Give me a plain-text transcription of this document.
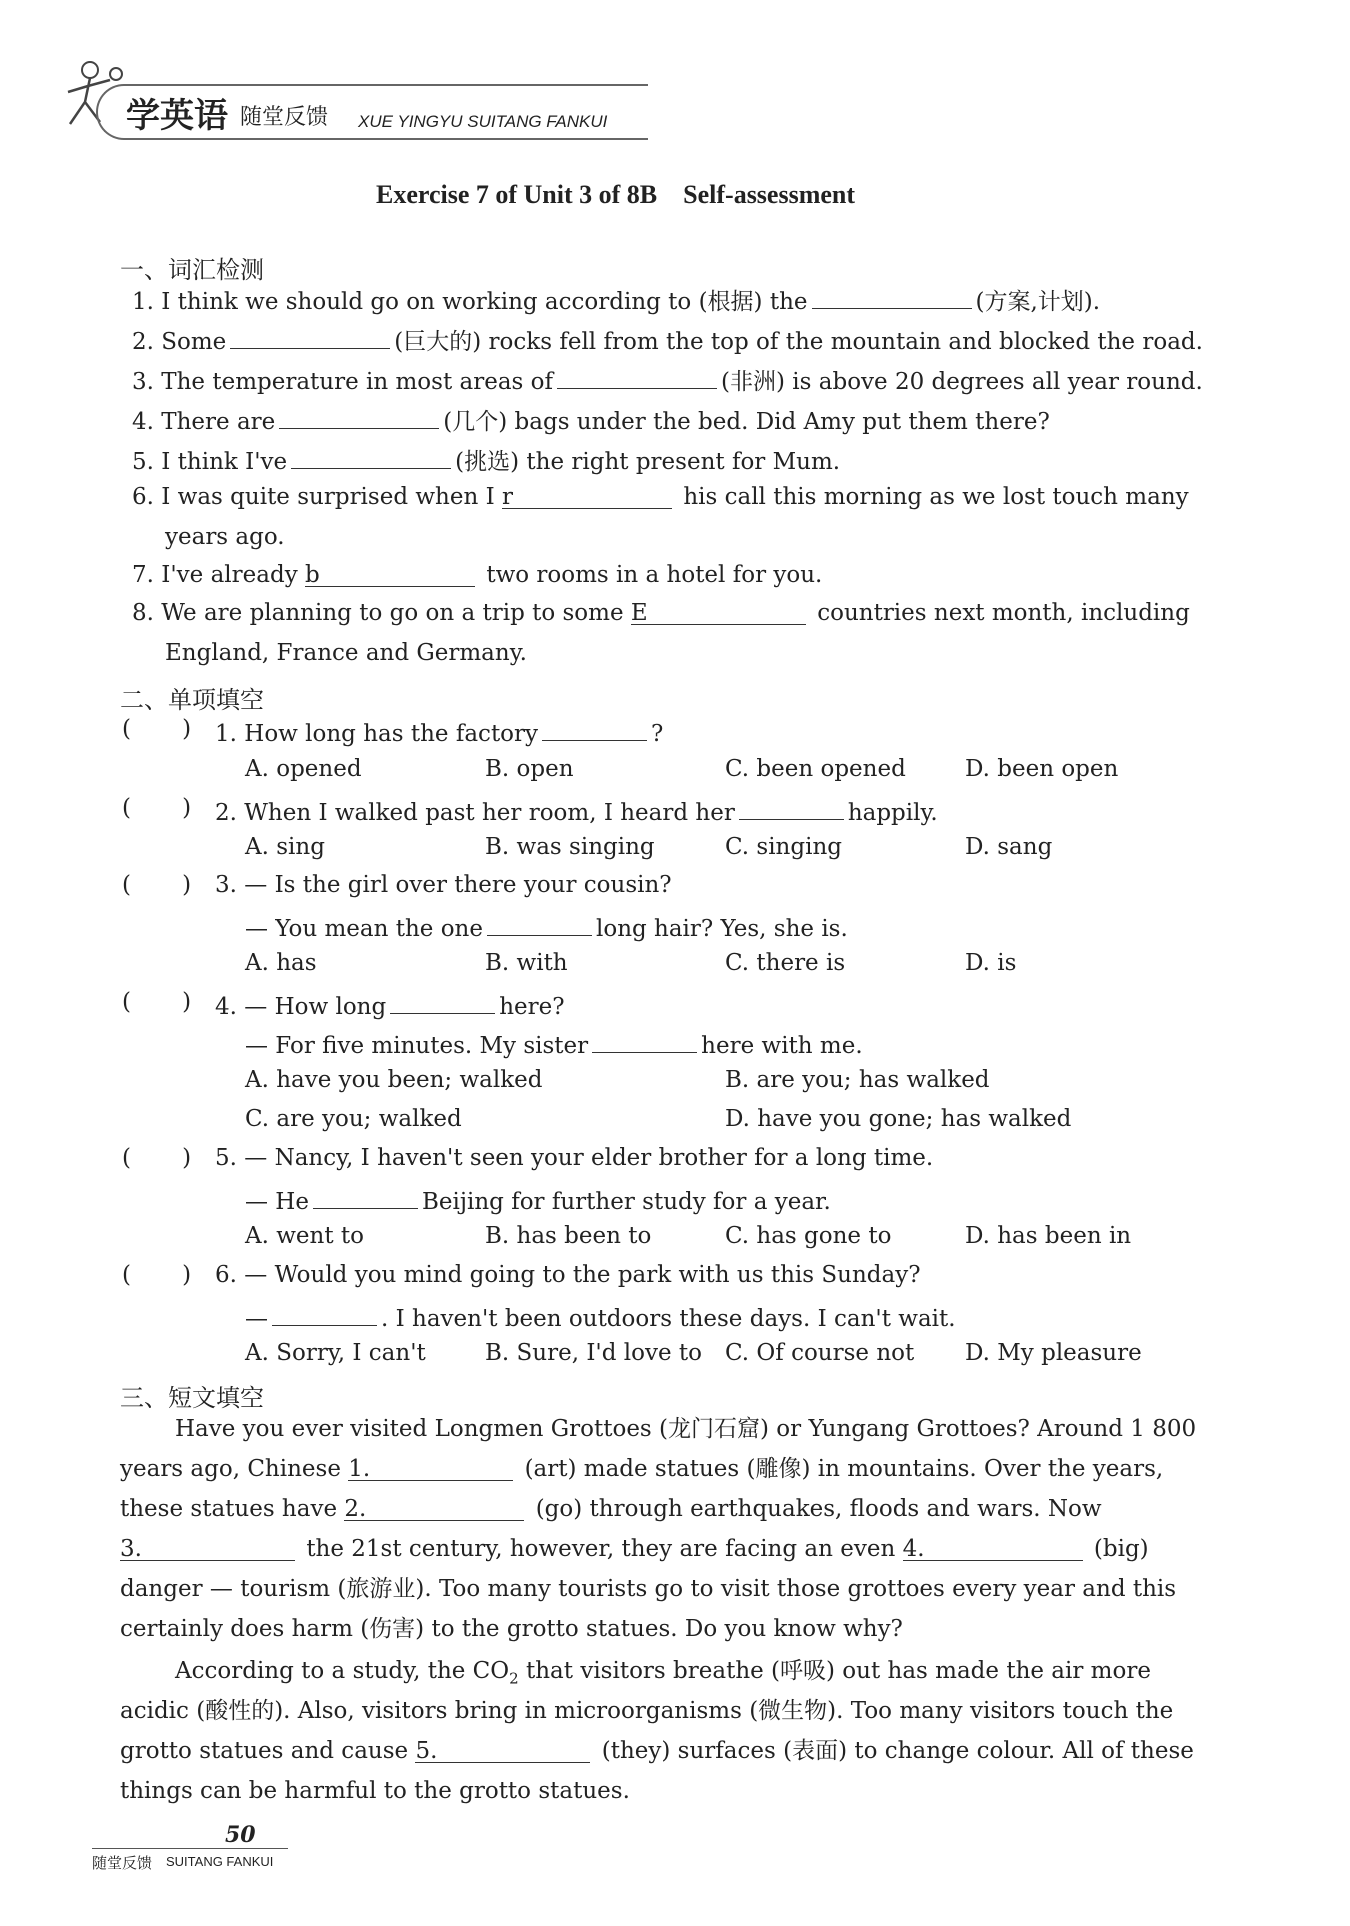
学英语 随堂反馈 XUE YINGYU SUITANG FANKUI
Exercise 7 of Unit 3 of 8B    Self-assessment
一、词汇检测
1. I think we should go on working according to (根据) the	(方案,计划).
2. Some	(巨大的) rocks fell from the top of the mountain and blocked the road.
3. The temperature in most areas of	(非洲) is above 20 degrees all year round.
4. There are	(几个) bags under the bed. Did Amy put them there?
5. I think I've	(挑选) the right present for Mum.
6. I was quite surprised when I r	his call this morning as we lost touch many
years ago.
7. I've already b	two rooms in a hotel for you.
8. We are planning to go on a trip to some E	countries next month, including
England, France and Germany.
二、单项填空
(       ) 1. How long has the factory	?
A. opened	B. open	C. been opened	D. been open
(       ) 2. When I walked past her room, I heard her	happily.
A. sing	B. was singing	C. singing	D. sang
(       ) 3. — Is the girl over there your cousin?
— You mean the one	long hair? Yes, she is.
A. has	B. with	C. there is	D. is
(       ) 4. — How long	here?
— For five minutes. My sister	here with me.
A. have you been; walked	B. are you; has walked
C. are you; walked	D. have you gone; has walked
(       ) 5. — Nancy, I haven't seen your elder brother for a long time.
— He	Beijing for further study for a year.
A. went to	B. has been to	C. has gone to	D. has been in
(       ) 6. — Would you mind going to the park with us this Sunday?
—	. I haven't been outdoors these days. I can't wait.
A. Sorry, I can't	B. Sure, I'd love to C. Of course not D. My pleasure
三、短文填空
Have you ever visited Longmen Grottoes (龙门石窟) or Yungang Grottoes? Around 1 800
years ago, Chinese 1.	(art) made statues (雕像) in mountains. Over the years,
these statues have 2.	(go) through earthquakes, floods and wars. Now
3.	the 21st century, however, they are facing an even 4.	(big)
danger — tourism (旅游业). Too many tourists go to visit those grottoes every year and this
certainly does harm (伤害) to the grotto statues. Do you know why?
According to a study, the $CO_2$ that visitors breathe (呼吸) out has made the air more
acidic (酸性的). Also, visitors bring in microorganisms (微生物). Too many visitors touch the
grotto statues and cause 5.	(they) surfaces (表面) to change colour. All of these
things can be harmful to the grotto statues.
50
随堂反馈 SUITANG FANKUI
